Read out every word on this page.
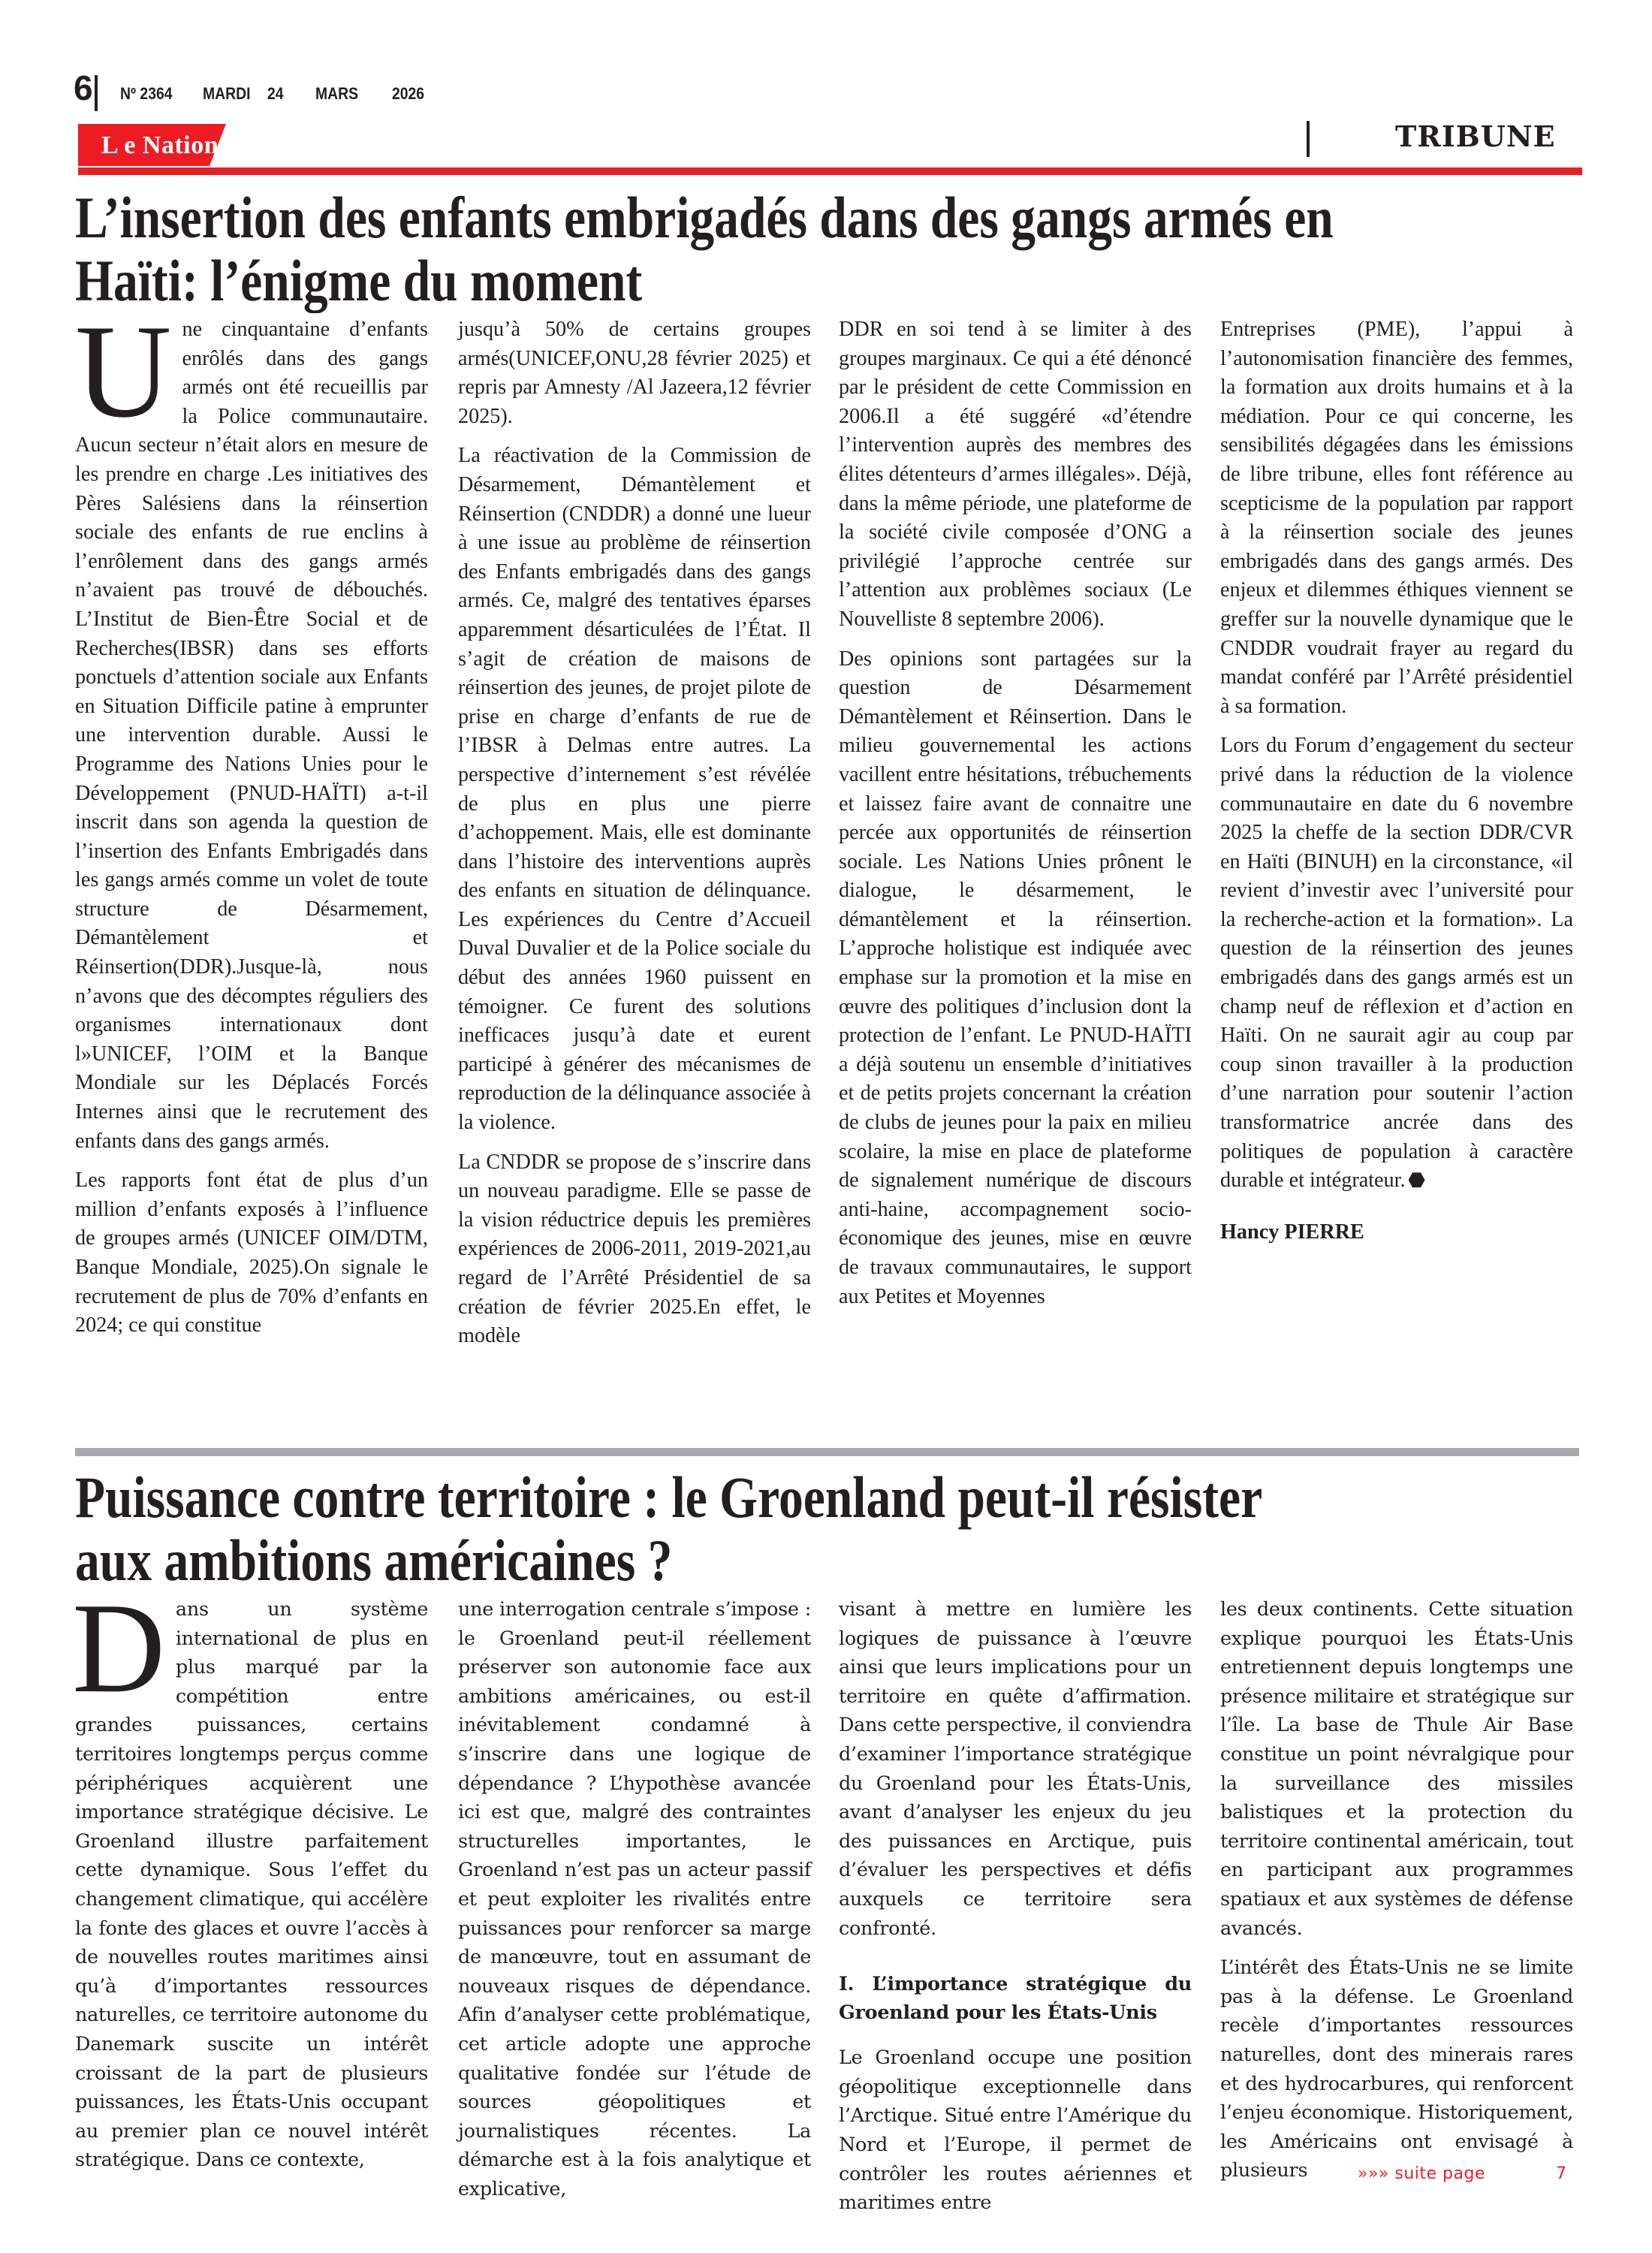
6 Nº 2364 MARDI 24 MARS 2026
L e National	TRIBUNE
L’insertion des enfants embrigadés dans des gangs armés en
Haïti: l’énigme du moment

Une cinquantaine d’enfants enrôlés dans des gangs armés ont été recueillis par la Police communautaire. Aucun secteur n’était alors en mesure de les prendre en charge .Les initiatives des Pères Salésiens dans la réinsertion sociale des enfants de rue enclins à l’enrôlement dans des gangs armés n’avaient pas trouvé de débouchés. L’Institut de Bien-Être Social et de Recherches(IBSR) dans ses efforts ponctuels d’attention sociale aux Enfants en Situation Difficile patine à emprunter une intervention durable. Aussi le Programme des Nations Unies pour le Développement (PNUD-HAÏTI) a-t-il inscrit dans son agenda la question de l’insertion des Enfants Embrigadés dans les gangs armés comme un volet de toute structure de Désarmement, Démantèlement et Réinsertion(DDR).Jusque-là, nous n’avons que des décomptes réguliers des organismes internationaux dont l»UNICEF, l’OIM et la Banque Mondiale sur les Déplacés Forcés Internes ainsi que le recrutement des enfants dans des gangs armés.

Les rapports font état de plus d’un million d’enfants exposés à l’influence de groupes armés (UNICEF OIM/DTM, Banque Mondiale, 2025).On signale le recrutement de plus de 70% d’enfants en 2024; ce qui constitue

jusqu’à 50% de certains groupes armés(UNICEF,ONU,28 février 2025) et repris par Amnesty /Al Jazeera,12 février 2025).

La réactivation de la Commission de Désarmement, Démantèlement et Réinsertion (CNDDR) a donné une lueur à une issue au problème de réinsertion des Enfants embrigadés dans des gangs armés. Ce, malgré des tentatives éparses apparemment désarticulées de l’État. Il s’agit de création de maisons de réinsertion des jeunes, de projet pilote de prise en charge d’enfants de rue de l’IBSR à Delmas entre autres. La perspective d’internement s’est révélée de plus en plus une pierre d’achoppement. Mais, elle est dominante dans l’histoire des interventions auprès des enfants en situation de délinquance. Les expériences du Centre d’Accueil Duval Duvalier et de la Police sociale du début des années 1960 puissent en témoigner. Ce furent des solutions inefficaces jusqu’à date et eurent participé à générer des mécanismes de reproduction de la délinquance associée à la violence.

La CNDDR se propose de s’inscrire dans un nouveau paradigme. Elle se passe de la vision réductrice depuis les premières expériences de 2006-2011, 2019-2021,au regard de l’Arrêté Présidentiel de sa création de février 2025.En effet, le modèle

DDR en soi tend à se limiter à des groupes marginaux. Ce qui a été dénoncé par le président de cette Commission en 2006.Il a été suggéré «d’étendre l’intervention auprès des membres des élites détenteurs d’armes illégales». Déjà, dans la même période, une plateforme de la société civile composée d’ONG a privilégié l’approche centrée sur l’attention aux problèmes sociaux (Le Nouvelliste 8 septembre 2006).

Des opinions sont partagées sur la question de Désarmement Démantèlement et Réinsertion. Dans le milieu gouvernemental les actions vacillent entre hésitations, trébuchements et laissez faire avant de connaitre une percée aux opportunités de réinsertion sociale. Les Nations Unies prônent le dialogue, le désarmement, le démantèlement et la réinsertion. L’approche holistique est indiquée avec emphase sur la promotion et la mise en œuvre des politiques d’inclusion dont la protection de l’enfant. Le PNUD-HAÏTI a déjà soutenu un ensemble d’initiatives et de petits projets concernant la création de clubs de jeunes pour la paix en milieu scolaire, la mise en place de plateforme de signalement numérique de discours anti-haine, accompagnement socio-économique des jeunes, mise en œuvre de travaux communautaires, le support aux Petites et Moyennes

Entreprises (PME), l’appui à l’autonomisation financière des femmes, la formation aux droits humains et à la médiation. Pour ce qui concerne, les sensibilités dégagées dans les émissions de libre tribune, elles font référence au scepticisme de la population par rapport à la réinsertion sociale des jeunes embrigadés dans des gangs armés. Des enjeux et dilemmes éthiques viennent se greffer sur la nouvelle dynamique que le CNDDR voudrait frayer au regard du mandat conféré par l’Arrêté présidentiel à sa formation.

Lors du Forum d’engagement du secteur privé dans la réduction de la violence communautaire en date du 6 novembre 2025 la cheffe de la section DDR/CVR en Haïti (BINUH) en la circonstance, «il revient d’investir avec l’université pour la recherche-action et la formation». La question de la réinsertion des jeunes embrigadés dans des gangs armés est un champ neuf de réflexion et d’action en Haïti. On ne saurait agir au coup par coup sinon travailler à la production d’une narration pour soutenir l’action transformatrice ancrée dans des politiques de population à caractère durable et intégrateur.

Hancy PIERRE

Puissance contre territoire : le Groenland peut-il résister
aux ambitions américaines ?

Dans un système international de plus en plus marqué par la compétition entre grandes puissances, certains territoires longtemps perçus comme périphériques acquièrent une importance stratégique décisive. Le Groenland illustre parfaitement cette dynamique. Sous l’effet du changement climatique, qui accélère la fonte des glaces et ouvre l’accès à de nouvelles routes maritimes ainsi qu’à d’importantes ressources naturelles, ce territoire autonome du Danemark suscite un intérêt croissant de la part de plusieurs puissances, les États-Unis occupant au premier plan ce nouvel intérêt stratégique. Dans ce contexte,

une interrogation centrale s’impose : le Groenland peut-il réellement préserver son autonomie face aux ambitions américaines, ou est-il inévitablement condamné à s’inscrire dans une logique de dépendance ? L’hypothèse avancée ici est que, malgré des contraintes structurelles importantes, le Groenland n’est pas un acteur passif et peut exploiter les rivalités entre puissances pour renforcer sa marge de manœuvre, tout en assumant de nouveaux risques de dépendance. Afin d’analyser cette problématique, cet article adopte une approche qualitative fondée sur l’étude de sources géopolitiques et journalistiques récentes. La démarche est à la fois analytique et explicative,

visant à mettre en lumière les logiques de puissance à l’œuvre ainsi que leurs implications pour un territoire en quête d’affirmation. Dans cette perspective, il conviendra d’examiner l’importance stratégique du Groenland pour les États-Unis, avant d’analyser les enjeux du jeu des puissances en Arctique, puis d’évaluer les perspectives et défis auxquels ce territoire sera confronté.

I. L’importance stratégique du Groenland pour les États-Unis

Le Groenland occupe une position géopolitique exceptionnelle dans l’Arctique. Situé entre l’Amérique du Nord et l’Europe, il permet de contrôler les routes aériennes et maritimes entre

les deux continents. Cette situation explique pourquoi les États-Unis entretiennent depuis longtemps une présence militaire et stratégique sur l’île. La base de Thule Air Base constitue un point névralgique pour la surveillance des missiles balistiques et la protection du territoire continental américain, tout en participant aux programmes spatiaux et aux systèmes de défense avancés.

L’intérêt des États-Unis ne se limite pas à la défense. Le Groenland recèle d’importantes ressources naturelles, dont des minerais rares et des hydrocarbures, qui renforcent l’enjeu économique. Historiquement, les Américains ont envisagé à plusieurs	»»» suite page	7
